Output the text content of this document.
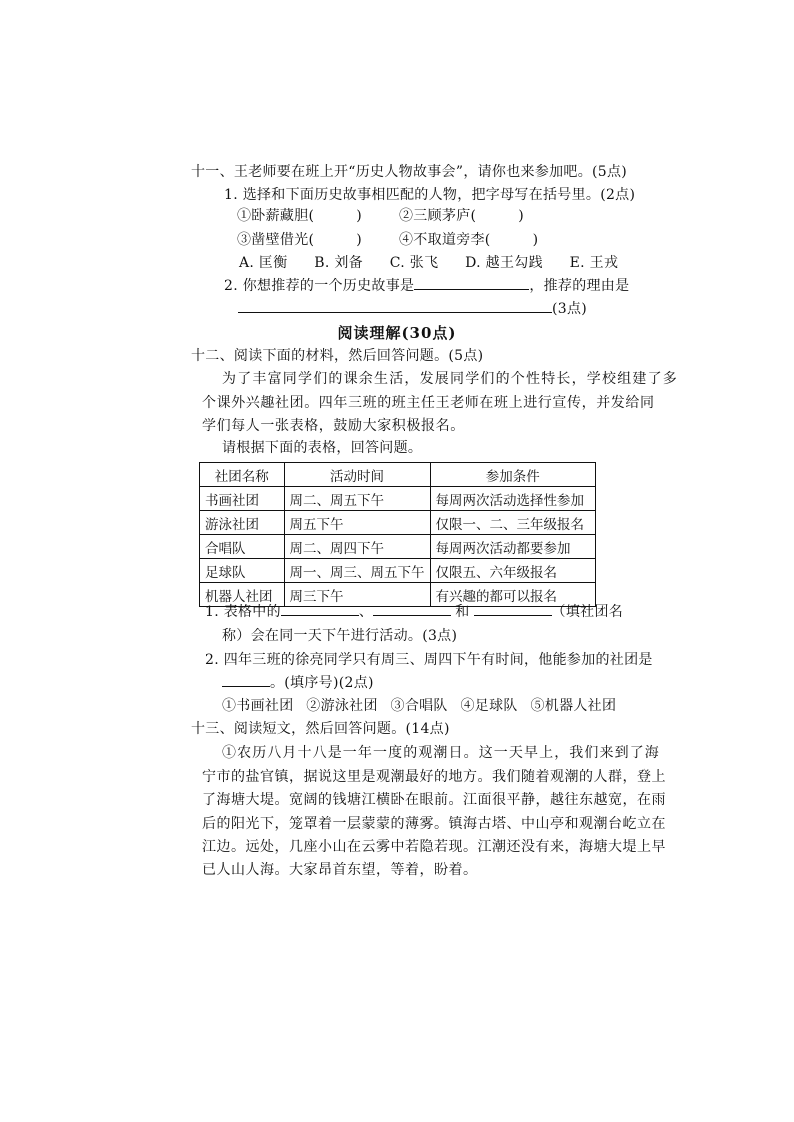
十一、王老师要在班上开“历史人物故事会”，请你也来参加吧。(5点)
1. 选择和下面历史故事相匹配的人物，把字母写在括号里。(2点)
①卧薪藏胆(	)	②三顾茅庐(	)
③凿壁借光(	)	④不取道旁李(	)
A. 匡衡 B. 刘备 C. 张飞 D. 越王勾践 E. 王戎
2. 你想推荐的一个历史故事是	，推荐的理由是
(3点)
阅读理解(30点)
十二、阅读下面的材料，然后回答问题。(5点)
为了丰富同学们的课余生活，发展同学们的个性特长，学校组建了多
个课外兴趣社团。四年三班的班主任王老师在班上进行宣传，并发给同
学们每人一张表格，鼓励大家积极报名。
请根据下面的表格，回答问题。
社团名称	活动时间	参加条件
书画社团	周二、周五下午	每周两次活动选择性参加
游泳社团	周五下午	仅限一、二、三年级报名
合唱队	周二、周四下午	每周两次活动都要参加
足球队	周一、周三、周五下午	仅限五、六年级报名
机器人社团	周三下午	有兴趣的都可以报名
1. 表格中的	、	和	（填社团名
称）会在同一天下午进行活动。(3点)
2. 四年三班的徐亮同学只有周三、周四下午有时间，他能参加的社团是
。(填序号)(2点)
①书画社团 ②游泳社团 ③合唱队 ④足球队 ⑤机器人社团
十三、阅读短文，然后回答问题。(14点)
①农历八月十八是一年一度的观潮日。这一天早上，我们来到了海
宁市的盐官镇，据说这里是观潮最好的地方。我们随着观潮的人群，登上
了海塘大堤。宽阔的钱塘江横卧在眼前。江面很平静，越往东越宽，在雨
后的阳光下，笼罩着一层蒙蒙的薄雾。镇海古塔、中山亭和观潮台屹立在
江边。远处，几座小山在云雾中若隐若现。江潮还没有来，海塘大堤上早
已人山人海。大家昂首东望，等着，盼着。
